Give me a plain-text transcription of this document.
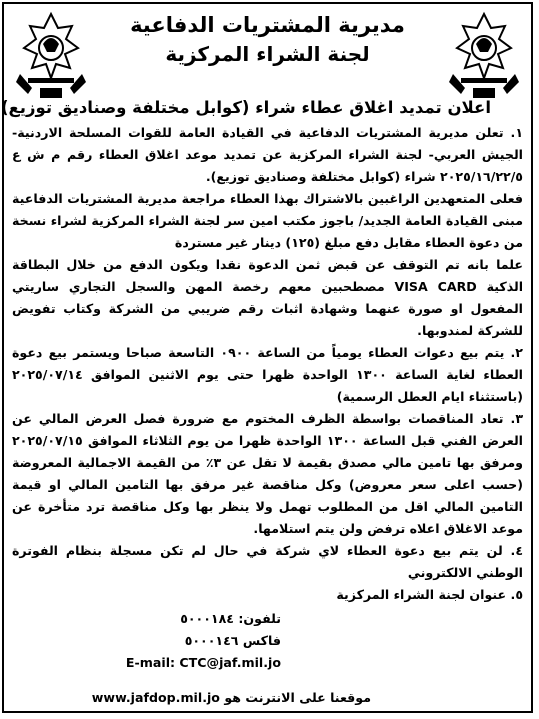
مديرية المشتريات الدفاعية
لجنة الشراء المركزية
اعلان تمديد اغلاق عطاء شراء (كوابل مختلفة وصناديق توزيع)

١. تعلن مديرية المشتريات الدفاعية في القيادة العامة للقوات المسلحة الاردنية- الجيش العربي- لجنة الشراء المركزية عن تمديد موعد اغلاق العطاء رقم م ش ع ٢٠٢٥/١٦/٢٢/٥ شراء (كوابل مختلفة وصناديق توزيع).

فعلى المتعهدين الراغبين بالاشتراك بهذا العطاء مراجعة مديرية المشتريات الدفاعية مبنى القيادة العامة الجديد/ باجوز مكتب امين سر لجنة الشراء المركزية لشراء نسخة من دعوة العطاء مقابل دفع مبلغ (١٢٥) دينار غير مستردة

علما بانه تم التوقف عن قبض ثمن الدعوة نقدا ويكون الدفع من خلال البطاقة الذكية VISA CARD مصطحبين معهم رخصة المهن والسجل التجاري ساريتي المفعول او صورة عنهما وشهادة اثبات رقم ضريبي من الشركة وكتاب تفويض للشركة لمندوبها.

٢. يتم بيع دعوات العطاء يومياً من الساعة ٠٩٠٠ التاسعة صباحا ويستمر بيع دعوة العطاء لغاية الساعة ١٣٠٠ الواحدة ظهرا حتى يوم الاثنين الموافق ٢٠٢٥/٠٧/١٤ (باستثناء ايام العطل الرسمية)

٣. تعاد المناقصات بواسطة الظرف المختوم مع ضرورة فصل العرض المالي عن العرض الفني قبل الساعة ١٣٠٠ الواحدة ظهرا من يوم الثلاثاء الموافق ٢٠٢٥/٠٧/١٥ ومرفق بها تامين مالي مصدق بقيمة لا تقل عن ٣٪ من القيمة الاجمالية المعروضة (حسب اعلى سعر معروض) وكل مناقصة غير مرفق بها التامين المالي او قيمة التامين المالي اقل من المطلوب تهمل ولا ينظر بها وكل مناقصة ترد متأخرة عن موعد الاغلاق اعلاه ترفض ولن يتم استلامها.

٤. لن يتم بيع دعوة العطاء لاي شركة في حال لم تكن مسجلة بنظام الفوترة الوطني الالكتروني

٥. عنوان لجنة الشراء المركزية

تلفون: ٥٠٠٠١٨٤
فاكس ٥٠٠٠١٤٦
E-mail: CTC@jaf.mil.jo
موقعنا على الانترنت هو www.jafdop.mil.jo
